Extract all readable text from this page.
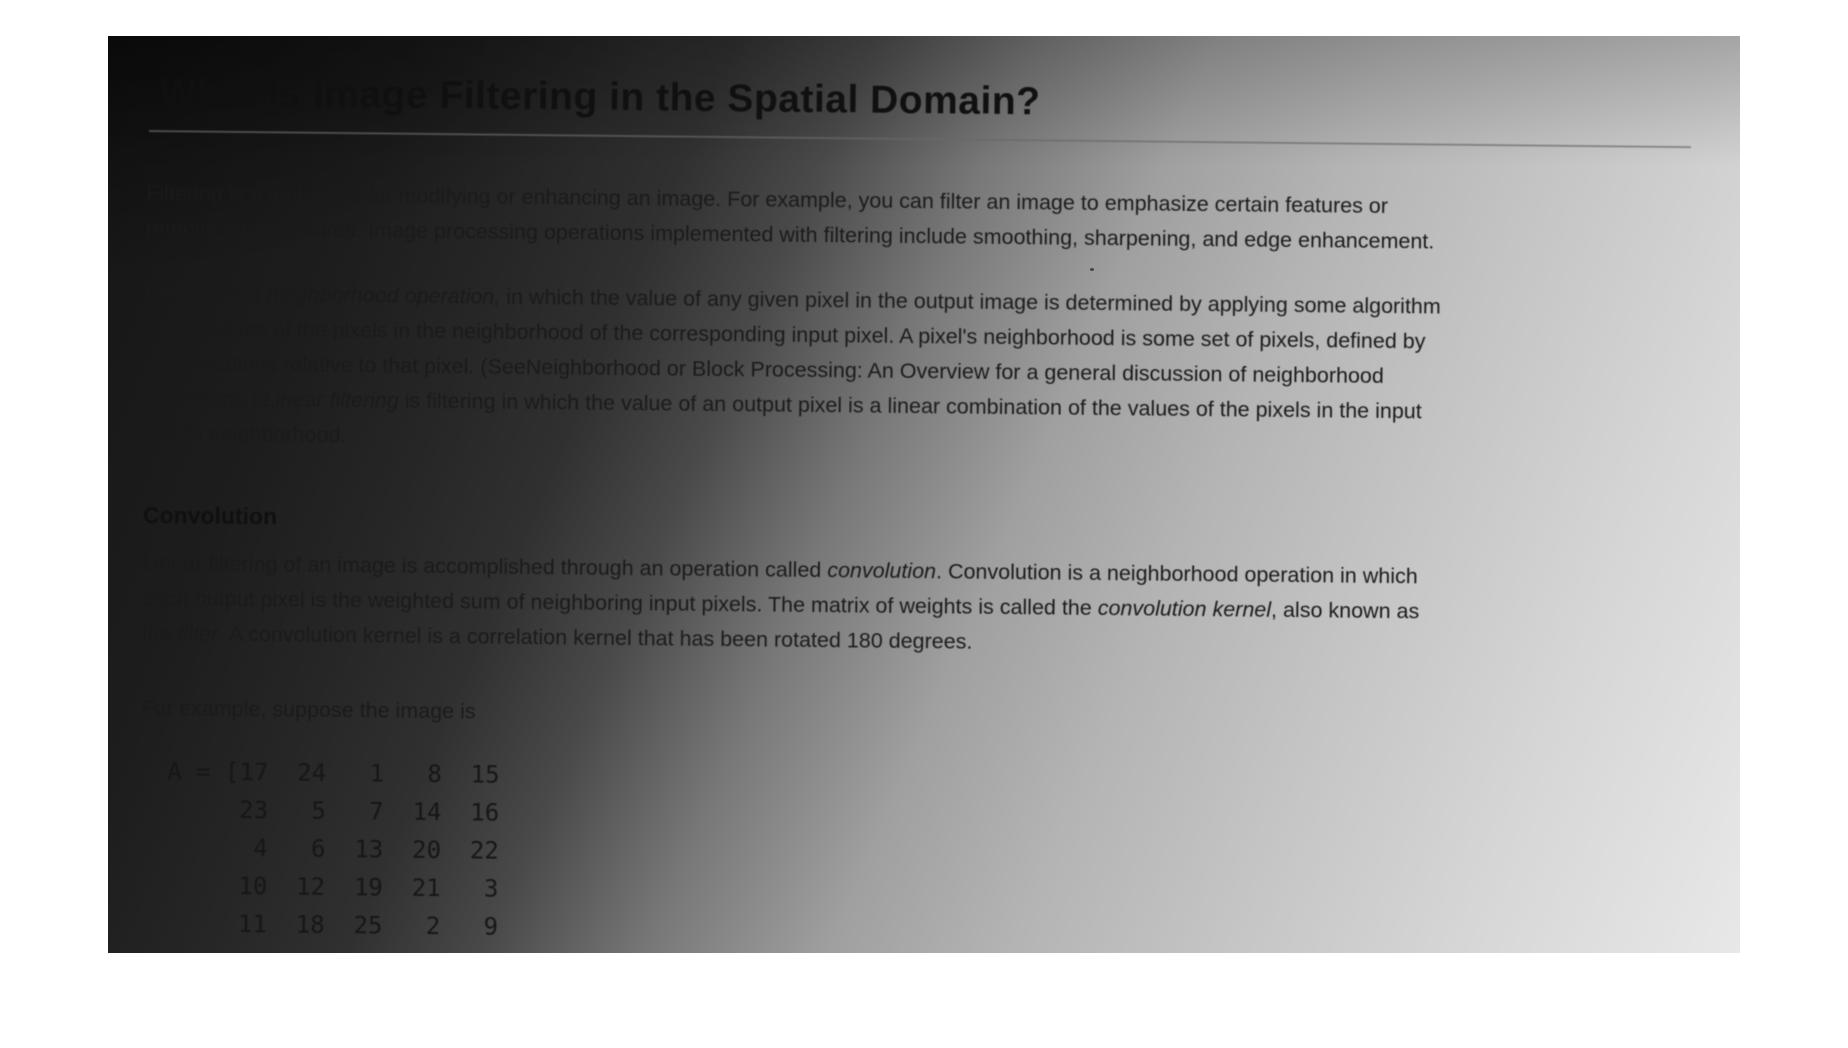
What Is Image Filtering in the Spatial Domain?

Filtering is a technique for modifying or enhancing an image. For example, you can filter an image to emphasize certain features or remove other features. Image processing operations implemented with filtering include smoothing, sharpening, and edge enhancement.

Filtering is a neighborhood operation, in which the value of any given pixel in the output image is determined by applying some algorithm to the values of the pixels in the neighborhood of the corresponding input pixel. A pixel's neighborhood is some set of pixels, defined by their locations relative to that pixel. (SeeNeighborhood or Block Processing: An Overview for a general discussion of neighborhood operations.) Linear filtering is filtering in which the value of an output pixel is a linear combination of the values of the pixels in the input pixel's neighborhood.

Convolution

Linear filtering of an image is accomplished through an operation called convolution. Convolution is a neighborhood operation in which each output pixel is the weighted sum of neighboring input pixels. The matrix of weights is called the convolution kernel, also known as the filter. A convolution kernel is a correlation kernel that has been rotated 180 degrees.

For example, suppose the image is

A = [17  24   1   8  15
23   5   7  14  16
4   6  13  20  22
10  12  19  21   3
11  18  25   2   9
